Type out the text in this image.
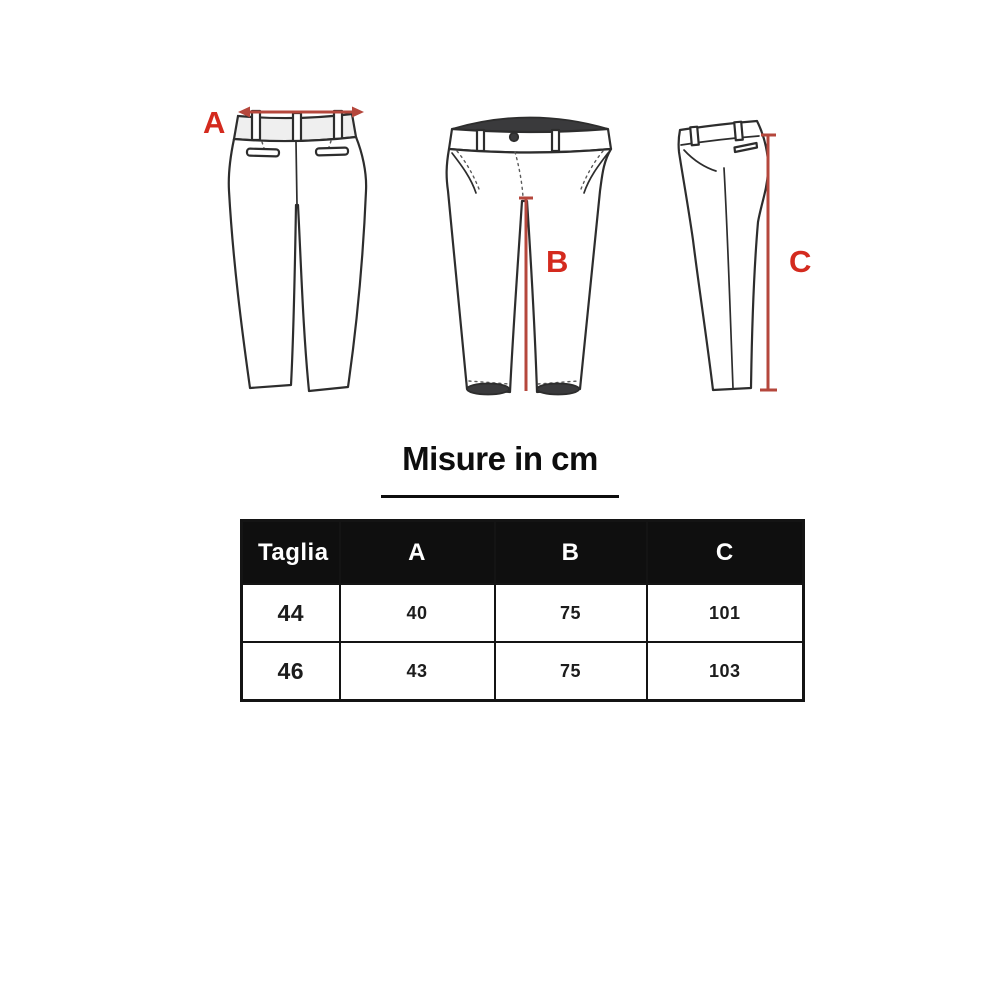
A
B	C
Misure in cm
Taglia	A	B	C
44	40	75	101
46	43	75	103
